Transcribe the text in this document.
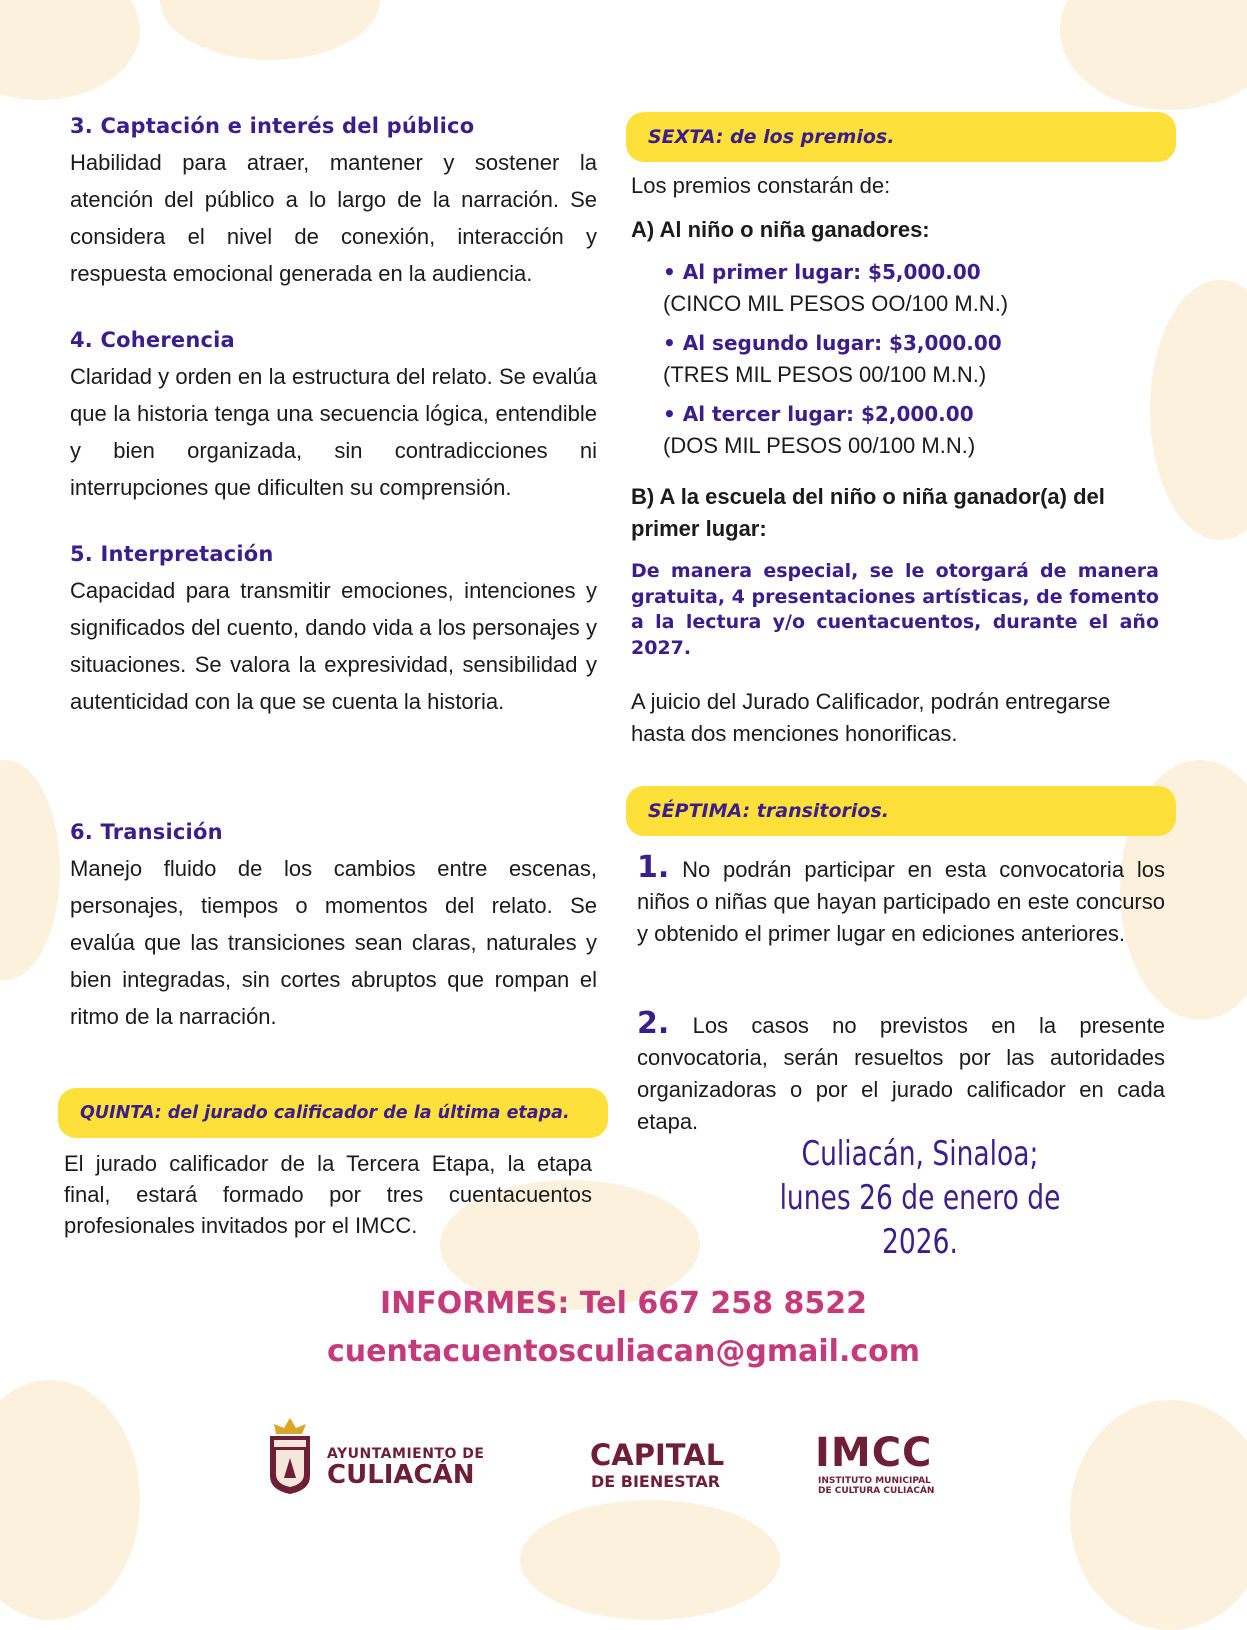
3. Captación e interés del público

Habilidad para atraer, mantener y sostener la atención del público a lo largo de la narración. Se considera el nivel de conexión, interacción y respuesta emocional generada en la audiencia.

4. Coherencia

Claridad y orden en la estructura del relato. Se evalúa que la historia tenga una secuencia lógica, entendible y bien organizada, sin contradicciones ni interrupciones que dificulten su comprensión.

5. Interpretación

Capacidad para transmitir emociones, intenciones y significados del cuento, dando vida a los personajes y situaciones. Se valora la expresividad, sensibilidad y autenticidad con la que se cuenta la historia.

6. Transición

Manejo fluido de los cambios entre escenas, personajes, tiempos o momentos del relato. Se evalúa que las transiciones sean claras, naturales y bien integradas, sin cortes abruptos que rompan el ritmo de la narración.

QUINTA: del jurado calificador de la última etapa.
El jurado calificador de la Tercera Etapa, la etapa final, estará formado por tres cuentacuentos profesionales invitados por el IMCC.
SEXTA: de los premios.
Los premios constarán de:
A) Al niño o niña ganadores:
• Al primer lugar: $5,000.00
(CINCO MIL PESOS OO/100 M.N.)
• Al segundo lugar: $3,000.00
(TRES MIL PESOS 00/100 M.N.)
• Al tercer lugar: $2,000.00
(DOS MIL PESOS 00/100 M.N.)
B) A la escuela del niño o niña ganador(a) del primer lugar:
De manera especial, se le otorgará de manera gratuita, 4 presentaciones artísticas, de fomento a la lectura y/o cuentacuentos, durante el año 2027.
A juicio del Jurado Calificador, podrán entregarse hasta dos menciones honorificas.
SÉPTIMA: transitorios.
1. No podrán participar en esta convocatoria los niños o niñas que hayan participado en este concurso y obtenido el primer lugar en ediciones anteriores.
2. Los casos no previstos en la presente convocatoria, serán resueltos por las autoridades organizadoras o por el jurado calificador en cada etapa.
Culiacán, Sinaloa;
lunes 26 de enero de 2026.
INFORMES: Tel 667 258 8522
cuentacuentosculiacan@gmail.com
AYUNTAMIENTO DE
CULIACÁN
CAPITAL
DE BIENESTAR
IMCC
INSTITUTO MUNICIPAL
DE CULTURA CULIACÁN
